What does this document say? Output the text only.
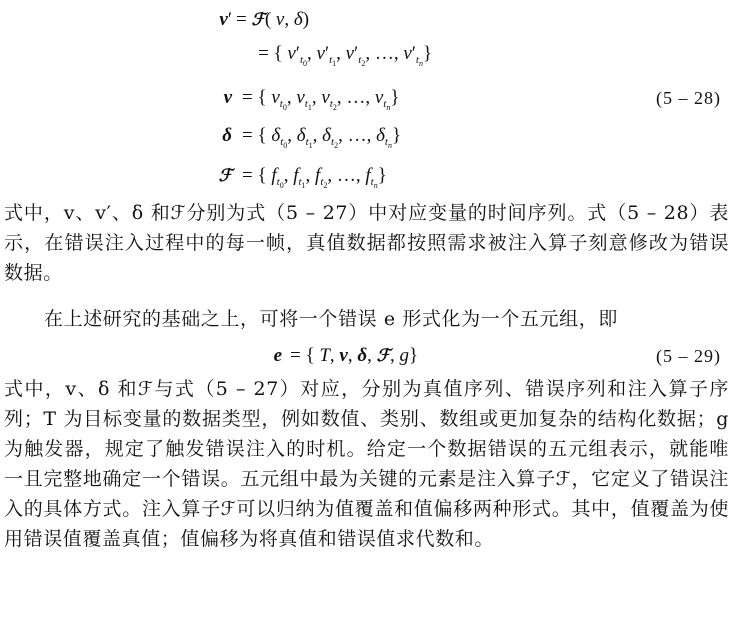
v′ = ℱ( v, δ)
= { $v'_{t_0}$, $v'_{t_1}$, $v'_{t_2}$, …, $v'_{t_n}$}
v = { $v_{t_0}$, $v_{t_1}$, $v_{t_2}$, …, $v_{t_n}$}	(5 – 28)
δ = { $\delta_{t_0}$, $\delta_{t_1}$, $\delta_{t_2}$, …, $\delta_{t_n}$}
ℱ = { $f_{t_0}$, $f_{t_1}$, $f_{t_2}$, …, $f_{t_n}$}

式中，v、v′、δ 和ℱ分别为式（5 – 27）中对应变量的时间序列。式（5 – 28）表示，在错误注入过程中的每一帧，真值数据都按照需求被注入算子刻意修改为错误数据。

在上述研究的基础之上，可将一个错误 e 形式化为一个五元组，即

e = { T, v, δ, ℱ, g}	(5 – 29)

式中，v、δ 和ℱ与式（5 – 27）对应，分别为真值序列、错误序列和注入算子序列；T 为目标变量的数据类型，例如数值、类别、数组或更加复杂的结构化数据；g 为触发器，规定了触发错误注入的时机。给定一个数据错误的五元组表示，就能唯一且完整地确定一个错误。五元组中最为关键的元素是注入算子ℱ，它定义了错误注入的具体方式。注入算子ℱ可以归纳为值覆盖和值偏移两种形式。其中，值覆盖为使用错误值覆盖真值；值偏移为将真值和错误值求代数和。
